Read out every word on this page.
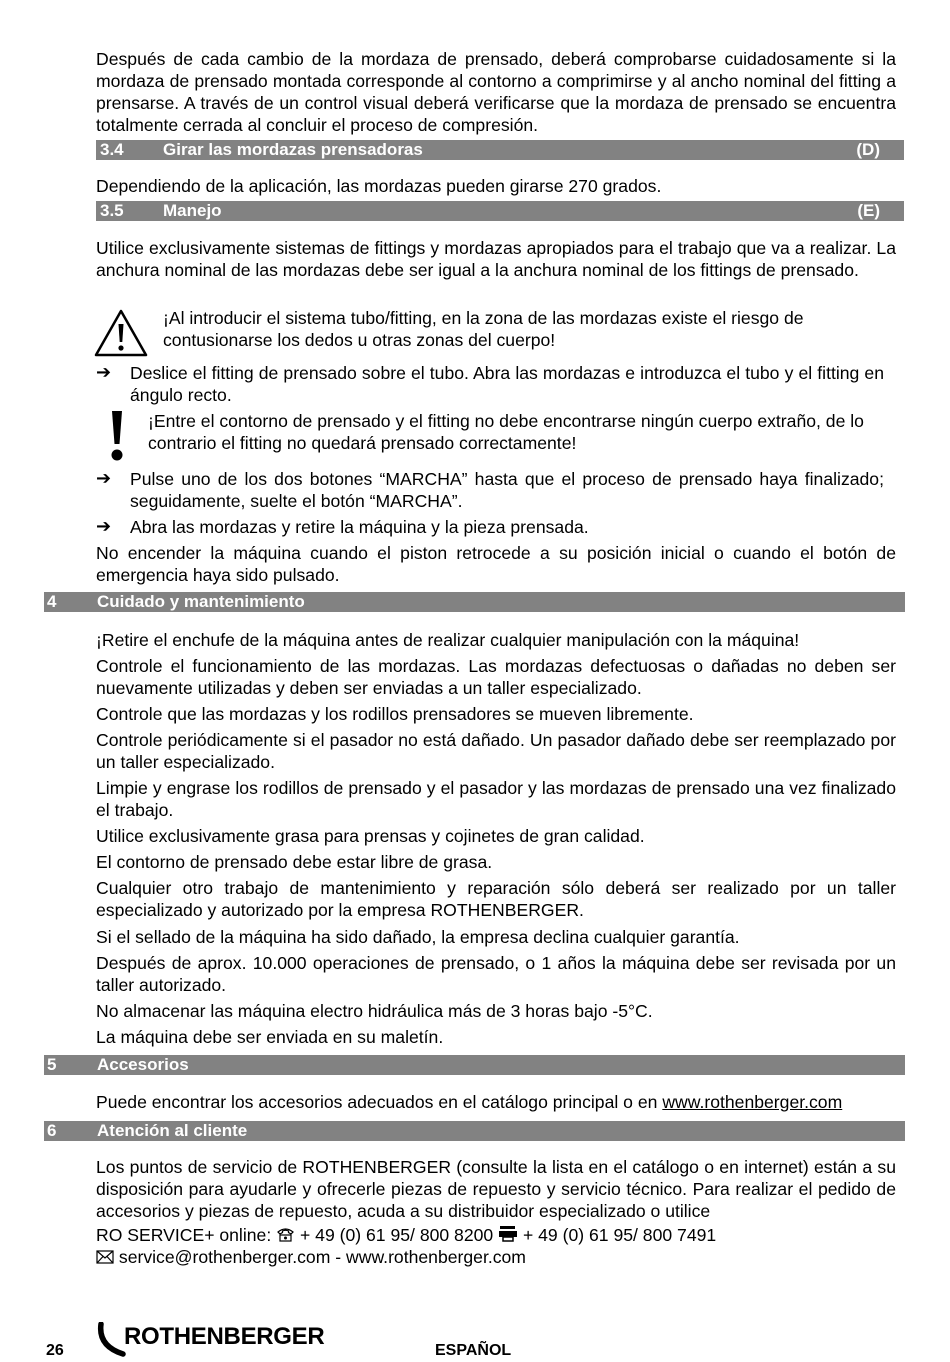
Después de cada cambio de la mordaza de prensado, deberá comprobarse cuidadosamente si la mordaza de prensado montada corresponde al contorno a comprimirse y al ancho nominal del fitting a prensarse. A través de un control visual deberá verificarse que la mordaza de prensado se encuentra totalmente cerrada al concluir el proceso de compresión.

3.4 Girar las mordazas prensadoras	(D)

Dependiendo de la aplicación, las mordazas pueden girarse 270 grados.

3.5 Manejo	(E)

Utilice exclusivamente sistemas de fittings y mordazas apropiados para el trabajo que va a realizar. La anchura nominal de las mordazas debe ser igual a la anchura nominal de los fittings de prensado.

¡Al introducir el sistema tubo/fitting, en la zona de las mordazas existe el riesgo de contusionarse los dedos u otras zonas del cuerpo!

➔ Deslice el fitting de prensado sobre el tubo. Abra las mordazas e introduzca el tubo y el fitting en ángulo recto.

¡Entre el contorno de prensado y el fitting no debe encontrarse ningún cuerpo extraño, de lo contrario el fitting no quedará prensado correctamente!

➔ Pulse uno de los dos botones “MARCHA” hasta que el proceso de prensado haya finalizado; seguidamente, suelte el botón “MARCHA”.

➔ Abra las mordazas y retire la máquina y la pieza prensada.

No encender la máquina cuando el piston retrocede a su posición inicial o cuando el botón de emergencia haya sido pulsado.

4 Cuidado y mantenimiento

¡Retire el enchufe de la máquina antes de realizar cualquier manipulación con la máquina!

Controle el funcionamiento de las mordazas. Las mordazas defectuosas o dañadas no deben ser nuevamente utilizadas y deben ser enviadas a un taller especializado.

Controle que las mordazas y los rodillos prensadores se mueven libremente.

Controle periódicamente si el pasador no está dañado. Un pasador dañado debe ser reemplazado por un taller especializado.

Limpie y engrase los rodillos de prensado y el pasador y las mordazas de prensado una vez finalizado el trabajo.

Utilice exclusivamente grasa para prensas y cojinetes de gran calidad.

El contorno de prensado debe estar libre de grasa.

Cualquier otro trabajo de mantenimiento y reparación sólo deberá ser realizado por un taller especializado y autorizado por la empresa ROTHENBERGER.

Si el sellado de la máquina ha sido dañado, la empresa declina cualquier garantía.

Después de aprox. 10.000 operaciones de prensado, o 1 años la máquina debe ser revisada por un taller autorizado.

No almacenar las máquina electro hidráulica más de 3 horas bajo -5°C.

La máquina debe ser enviada en su maletín.

5 Accesorios

Puede encontrar los accesorios adecuados en el catálogo principal o en www.rothenberger.com

6 Atención al cliente

Los puntos de servicio de ROTHENBERGER (consulte la lista en el catálogo o en internet) están a su disposición para ayudarle y ofrecerle piezas de repuesto y servicio técnico. Para realizar el pedido de accesorios y piezas de repuesto, acuda a su distribuidor especializado o utilice

RO SERVICE+ online: + 49 (0) 61 95/ 800 8200 + 49 (0) 61 95/ 800 7491

service@rothenberger.com - www.rothenberger.com

26
ROTHENBERGER
ESPAÑOL
